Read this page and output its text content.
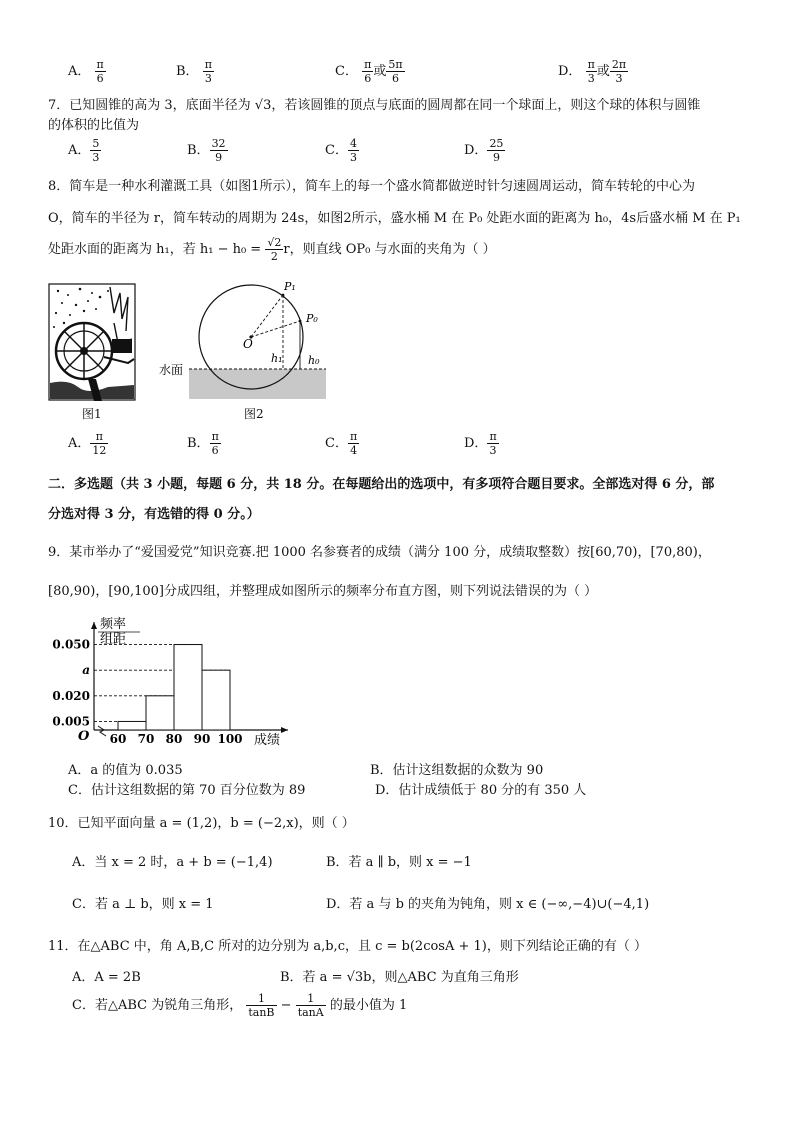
A． $\frac{\pi}{6}$	B． $\frac{\pi}{3}$	C． $\frac{\pi}{6}$ 或 $\frac{5\pi}{6}$	D． $\frac{\pi}{3}$ 或 $\frac{2\pi}{3}$
7．已知圆锥的高为 3，底面半径为 √3，若该圆锥的顶点与底面的圆周都在同一个球面上，则这个球的体积与圆锥
的体积的比值为
A． $\frac{5}{3}$	B． $\frac{32}{9}$	C． $\frac{4}{3}$	D． $\frac{25}{9}$
8．简车是一种水利灌溉工具（如图1所示），简车上的每一个盛水简都做逆时针匀速圆周运动，简车转轮的中心为
O，简车的半径为 r，简车转动的周期为 24s，如图2所示，盛水桶 M 在 P₀ 处距水面的距离为 h₀，4s后盛水桶 M 在 P₁
处距水面的距离为 h₁，若 $h_1 - h_0 = \frac{√2}{2}$ r，则直线 OP₀ 与水面的夹角为（ ）
图1
O
P₁
P₀
h₁ h₀
水面
图2
A． $\frac{\pi}{12}$	B． $\frac{\pi}{6}$	C． $\frac{\pi}{4}$	D． $\frac{\pi}{3}$
二．多选题（共 3 小题，每题 6 分，共 18 分。在每题给出的选项中，有多项符合题目要求。全部选对得 6 分，部
分选对得 3 分，有选错的得 0 分。）
9．某市举办了“爱国爱党”知识竞赛.把 1000 名参赛者的成绩（满分 100 分，成绩取整数）按[60,70)，[70,80)，
[80,90)，[90,100]分成四组，并整理成如图所示的频率分布直方图，则下列说法错误的为（ ）
频率
组距
成绩
O
0.050
a
0.020
0.005
60 70 80 90 100
A．a 的值为 0.035	B．估计这组数据的众数为 90
C．估计这组数据的第 70 百分位数为 89	D．估计成绩低于 80 分的有 350 人
10．已知平面向量 a = (1,2)，b = (−2,x)，则（ ）
A．当 x = 2 时，a + b = (−1,4)	B．若 a ∥ b，则 x = −1
C．若 a ⊥ b，则 x = 1	D．若 a 与 b 的夹角为钝角，则 x ∈ (−∞,−4)∪(−4,1)
11．在△ABC 中，角 A,B,C 所对的边分别为 a,b,c，且 c = b(2cosA + 1)，则下列结论正确的有（ ）
A．A = 2B	B．若 a = √3b，则△ABC 为直角三角形
C．若△ABC 为锐角三角形， $\frac{1}{\tan B} - \frac{1}{\tan A}$ 的最小值为 1
